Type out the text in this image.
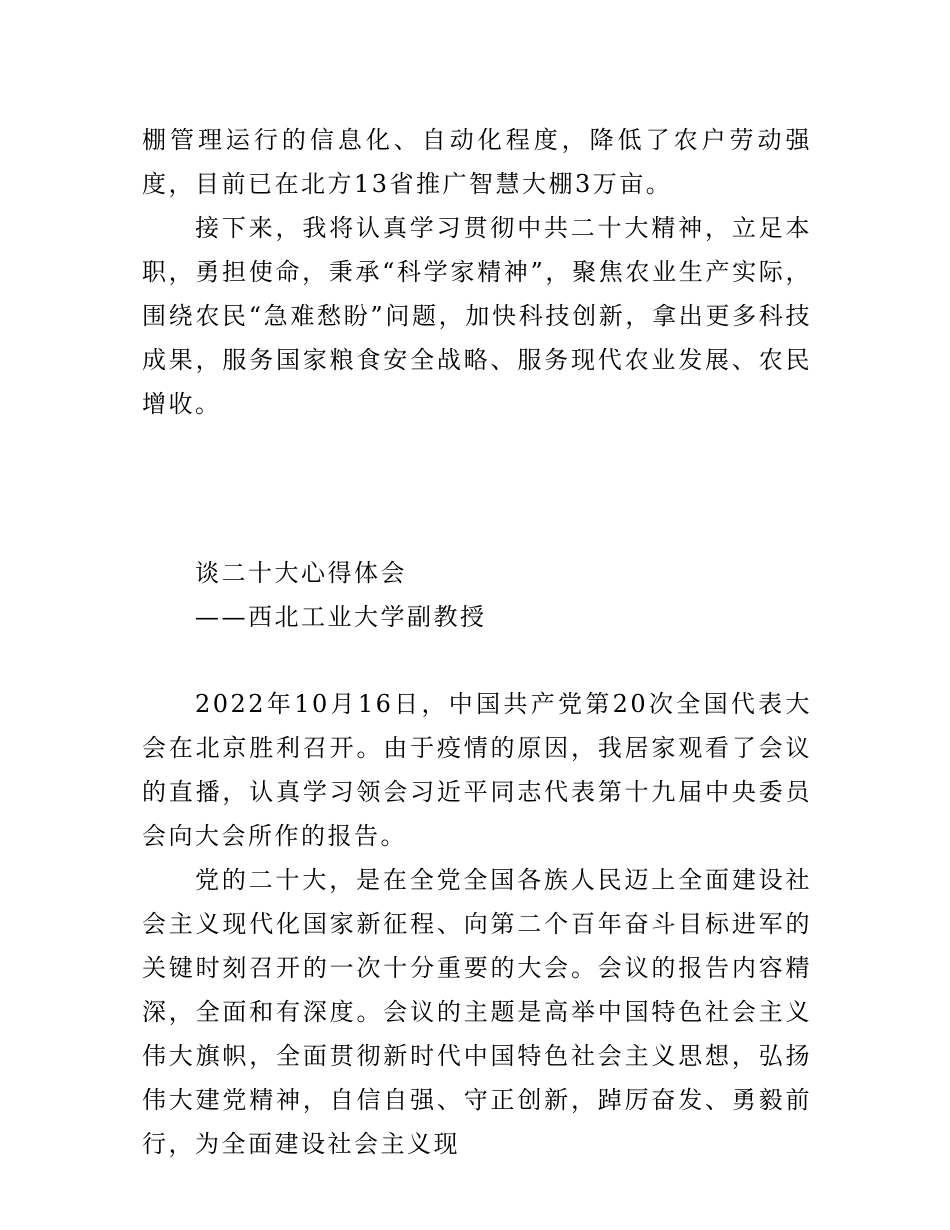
棚管理运行的信息化、自动化程度，降低了农户劳动强度，目前已在北方13省推广智慧大棚3万亩。

接下来，我将认真学习贯彻中共二十大精神，立足本职，勇担使命，秉承“科学家精神”，聚焦农业生产实际，围绕农民“急难愁盼”问题，加快科技创新，拿出更多科技成果，服务国家粮食安全战略、服务现代农业发展、农民增收。

谈二十大心得体会

——西北工业大学副教授

2022年10月16日，中国共产党第20次全国代表大会在北京胜利召开。由于疫情的原因，我居家观看了会议的直播，认真学习领会习近平同志代表第十九届中央委员会向大会所作的报告。

党的二十大，是在全党全国各族人民迈上全面建设社会主义现代化国家新征程、向第二个百年奋斗目标进军的关键时刻召开的一次十分重要的大会。会议的报告内容精深，全面和有深度。会议的主题是高举中国特色社会主义伟大旗帜，全面贯彻新时代中国特色社会主义思想，弘扬伟大建党精神，自信自强、守正创新，踔厉奋发、勇毅前行，为全面建设社会主义现
